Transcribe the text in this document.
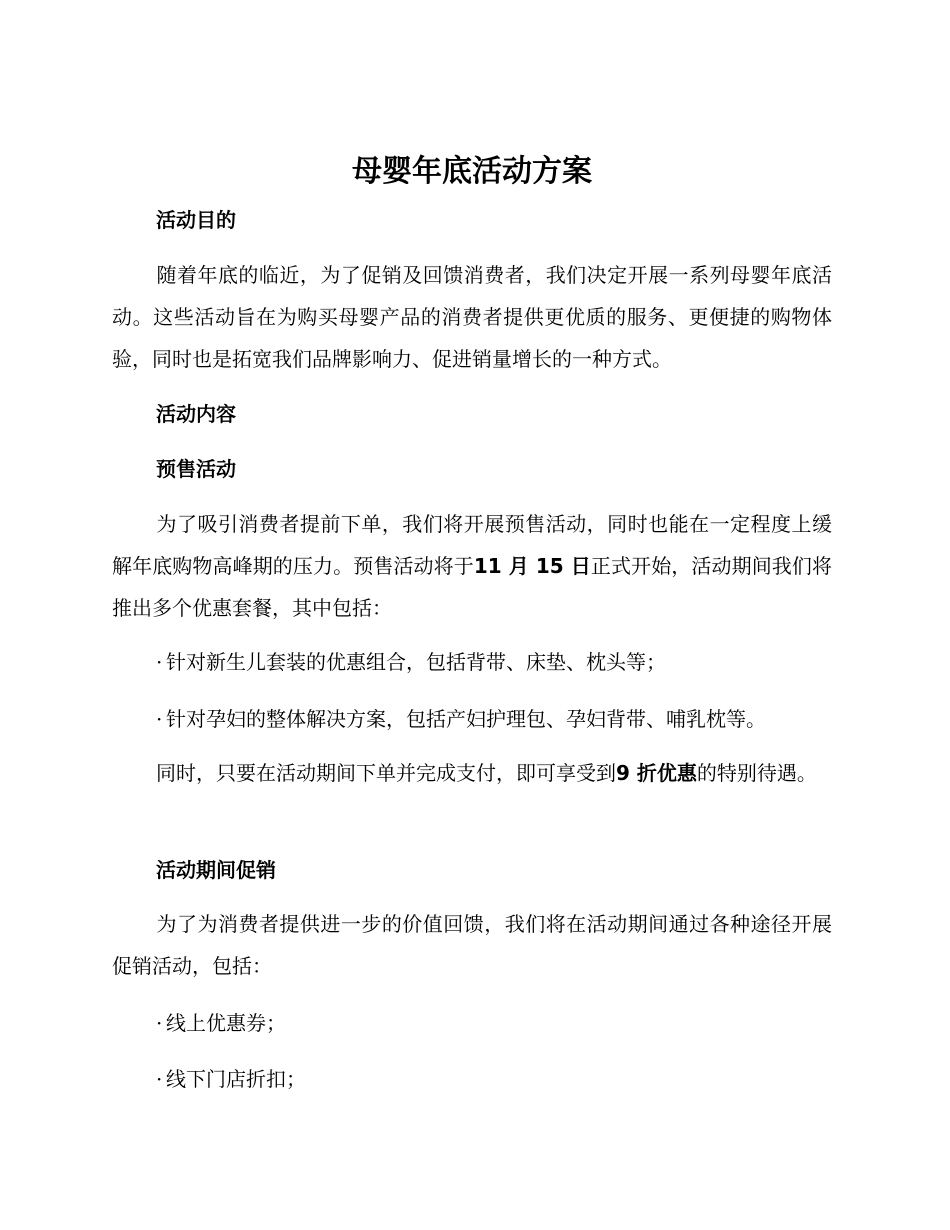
母婴年底活动方案
活动目的

随着年底的临近，为了促销及回馈消费者，我们决定开展一系列母婴年底活动。这些活动旨在为购买母婴产品的消费者提供更优质的服务、更便捷的购物体验，同时也是拓宽我们品牌影响力、促进销量增长的一种方式。

活动内容
预售活动

为了吸引消费者提前下单，我们将开展预售活动，同时也能在一定程度上缓解年底购物高峰期的压力。预售活动将于11 月 15 日正式开始，活动期间我们将推出多个优惠套餐，其中包括：

· 针对新生儿套装的优惠组合，包括背带、床垫、枕头等；

· 针对孕妇的整体解决方案，包括产妇护理包、孕妇背带、哺乳枕等。

同时，只要在活动期间下单并完成支付，即可享受到9 折优惠的特别待遇。

活动期间促销

为了为消费者提供进一步的价值回馈，我们将在活动期间通过各种途径开展促销活动，包括：

· 线上优惠券；

· 线下门店折扣；
